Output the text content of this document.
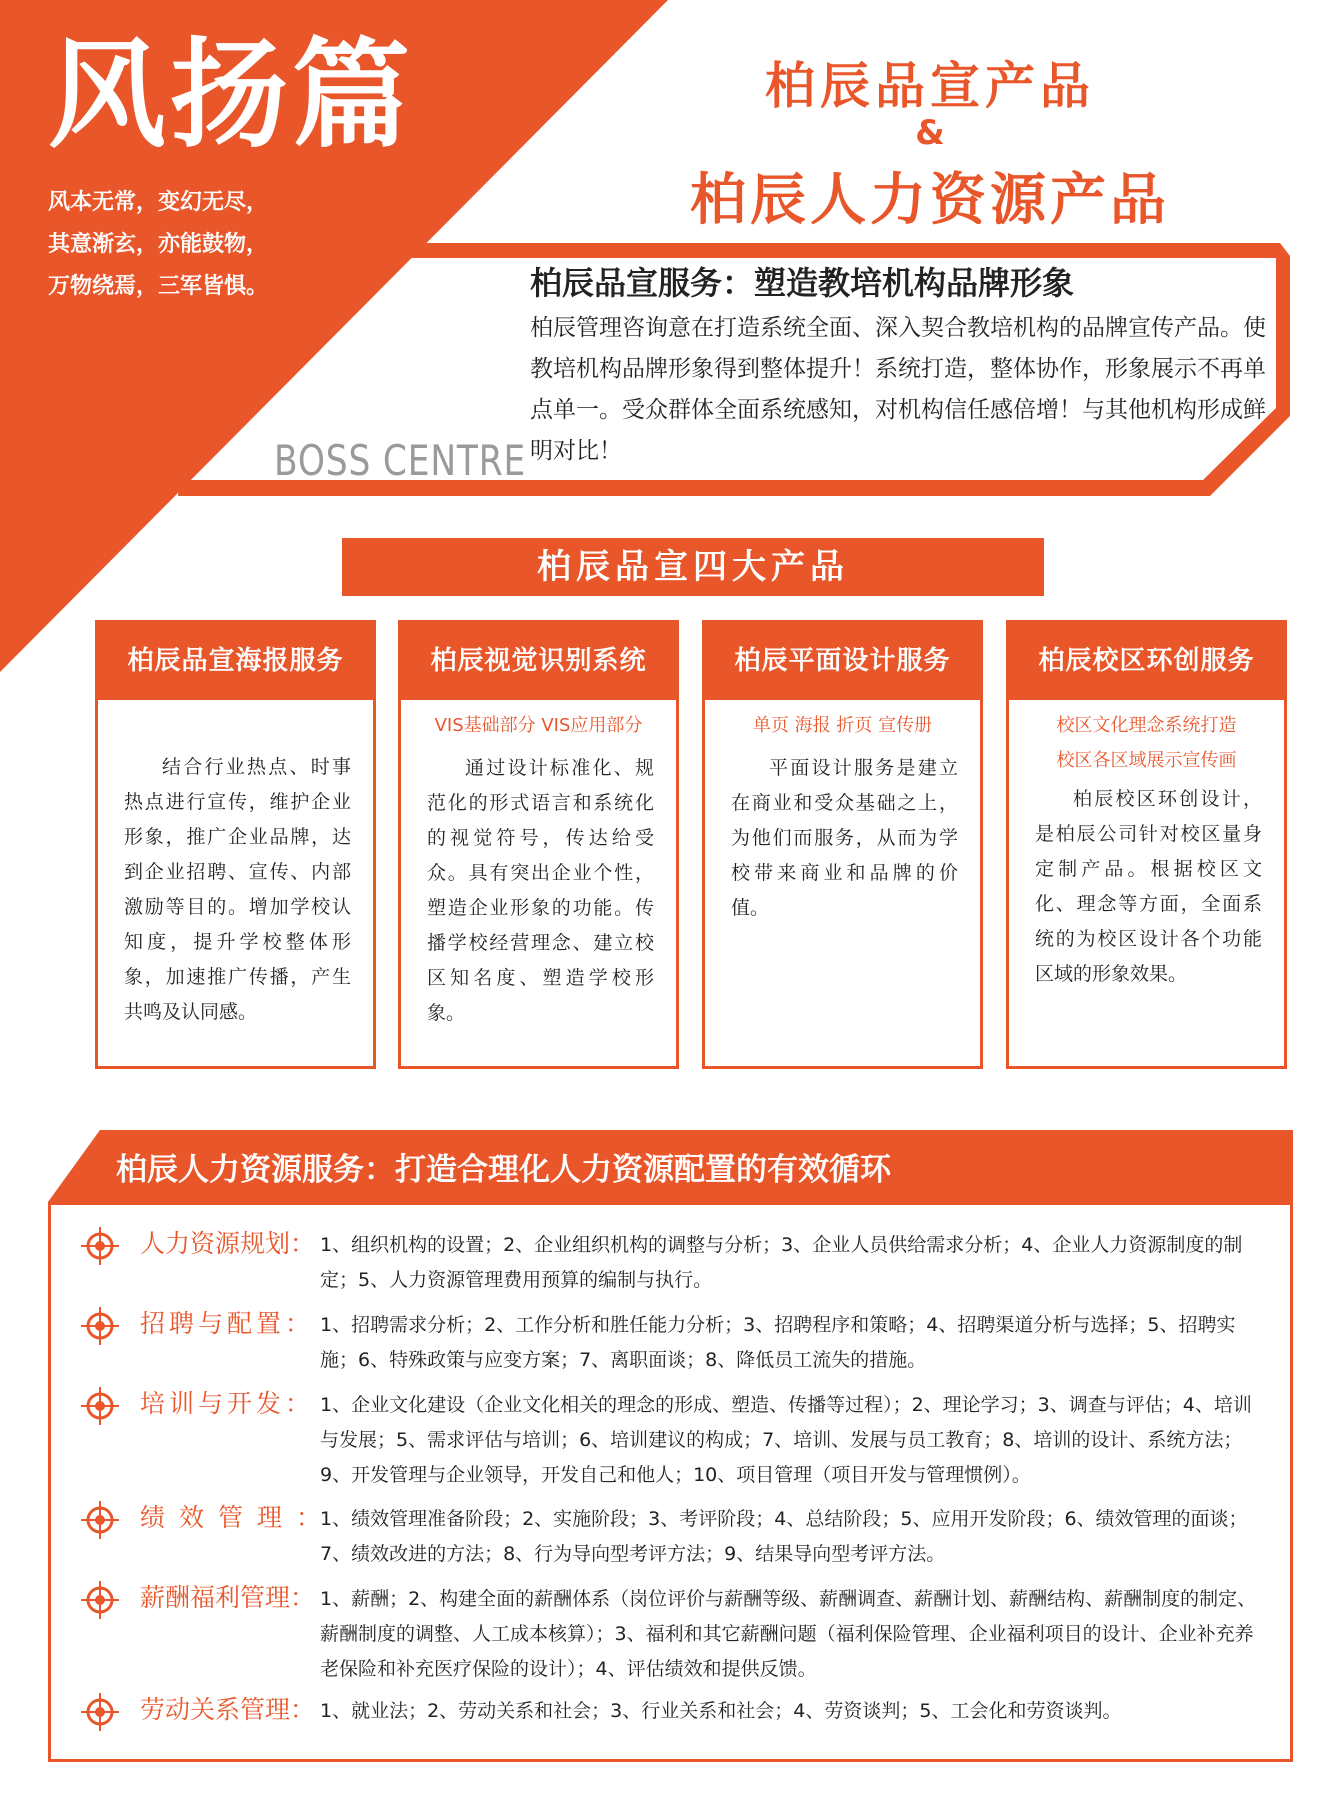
风扬篇
风本无常，变幻无尽，
其意渐玄，亦能鼓物，
万物绕焉，三军皆惧。
柏辰品宣产品
&
柏辰人力资源产品
柏辰品宣服务：塑造教培机构品牌形象
柏辰管理咨询意在打造系统全面、深入契合教培机构的品牌宣传产品。使教培机构品牌形象得到整体提升！系统打造，整体协作，形象展示不再单点单一。受众群体全面系统感知，对机构信任感倍增！与其他机构形成鲜明对比！
BOSS CENTRE
柏辰品宣四大产品
柏辰品宣海报服务
结合行业热点、时事热点进行宣传，维护企业形象，推广企业品牌，达到企业招聘、宣传、内部激励等目的。增加学校认知度，提升学校整体形象，加速推广传播，产生共鸣及认同感。
柏辰视觉识别系统
VIS基础部分 VIS应用部分
通过设计标准化、规范化的形式语言和系统化的视觉符号，传达给受众。具有突出企业个性，塑造企业形象的功能。传播学校经营理念、建立校区知名度、塑造学校形象。
柏辰平面设计服务
单页 海报 折页 宣传册
平面设计服务是建立在商业和受众基础之上，为他们而服务，从而为学校带来商业和品牌的价值。
柏辰校区环创服务
校区文化理念系统打造
校区各区域展示宣传画
柏辰校区环创设计，是柏辰公司针对校区量身定制产品。根据校区文化、理念等方面，全面系统的为校区设计各个功能区域的形象效果。
柏辰人力资源服务：打造合理化人力资源配置的有效循环
人力资源规划： 1、组织机构的设置；2、企业组织机构的调整与分析；3、企业人员供给需求分析；4、企业人力资源制度的制定；5、人力资源管理费用预算的编制与执行。
招聘与配置： 1、招聘需求分析；2、工作分析和胜任能力分析；3、招聘程序和策略；4、招聘渠道分析与选择；5、招聘实施；6、特殊政策与应变方案；7、离职面谈；8、降低员工流失的措施。
培训与开发： 1、企业文化建设（企业文化相关的理念的形成、塑造、传播等过程）；2、理论学习；3、调查与评估；4、培训与发展；5、需求评估与培训；6、培训建议的构成；7、培训、发展与员工教育；8、培训的设计、系统方法；9、开发管理与企业领导，开发自己和他人；10、项目管理（项目开发与管理惯例）。
绩效管理：
1、绩效管理准备阶段；2、实施阶段；3、考评阶段；4、总结阶段；5、应用开发阶段；6、绩效管理的面谈；7、绩效改进的方法；8、行为导向型考评方法；9、结果导向型考评方法。
薪酬福利管理： 1、薪酬；2、构建全面的薪酬体系（岗位评价与薪酬等级、薪酬调查、薪酬计划、薪酬结构、薪酬制度的制定、薪酬制度的调整、人工成本核算）；3、福利和其它薪酬问题（福利保险管理、企业福利项目的设计、企业补充养老保险和补充医疗保险的设计）；4、评估绩效和提供反馈。
劳动关系管理： 1、就业法；2、劳动关系和社会；3、行业关系和社会；4、劳资谈判；5、工会化和劳资谈判。
